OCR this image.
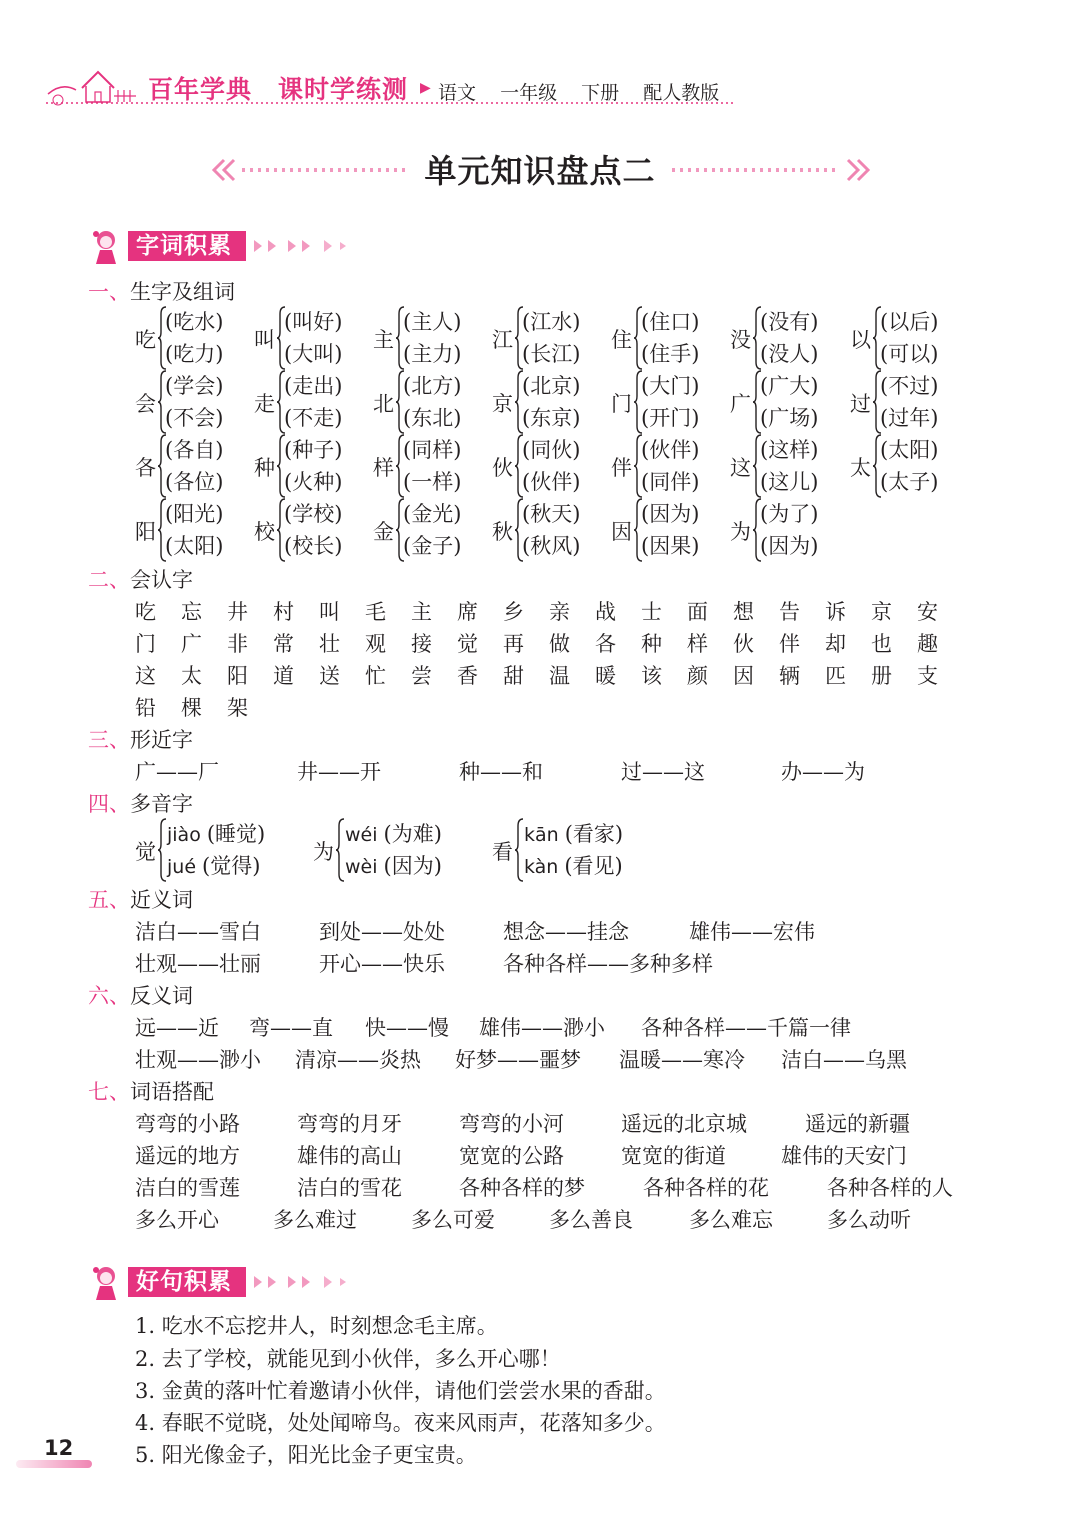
百年学典　课时学练测 ▶ 语文 一年级 下册 配人教版
单元知识盘点二
字词积累
一、生字及组词
吃
(吃水)
(吃力)
叫
(叫好)
(大叫)
主
(主人)
(主力)
江
(江水)
(长江)
住
(住口)
(住手)
没
(没有)
(没人)
以
(以后)
(可以)
会
(学会)
(不会)
走
(走出)
(不走)
北
(北方)
(东北)
京
(北京)
(东京)
门
(大门)
(开门)
广
(广大)
(广场)
过
(不过)
(过年)
各
(各自)
(各位)
种
(种子)
(火种)
样
(同样)
(一样)
伙
(同伙)
(伙伴)
伴
(伙伴)
(同伴)
这
(这样)
(这儿)
太
(太阳)
(太子)
阳
(阳光)
(太阳)
校
(学校)
(校长)
金
(金光)
(金子)
秋
(秋天)
(秋风)
因
(因为)
(因果)
为
(为了)
(因为)
二、会认字
吃	忘	井	村	叫	毛	主	席	乡	亲	战	士	面	想	告	诉	京	安
门	广	非	常	壮	观	接	觉	再	做	各	种	样	伙	伴	却	也	趣
这	太	阳	道	送	忙	尝	香	甜	温	暖	该	颜	因	辆	匹	册	支
铅	棵	架
三、形近字
广——厂	井——开	种——和	过——这	办——为
四、多音字
觉
jiào (睡觉)
jué (觉得)
为
wéi (为难)
wèi (因为)
看
kān (看家)
kàn (看见)
五、近义词
洁白——雪白	到处——处处	想念——挂念	雄伟——宏伟
壮观——壮丽	开心——快乐	各种各样——多种多样
六、反义词
远——近 弯——直 快——慢 雄伟——渺小 各种各样——千篇一律
壮观——渺小 清凉——炎热 好梦——噩梦 温暖——寒冷 洁白——乌黑
七、词语搭配
弯弯的小路	弯弯的月牙	弯弯的小河	遥远的北京城	遥远的新疆
遥远的地方	雄伟的高山	宽宽的公路	宽宽的街道	雄伟的天安门
洁白的雪莲	洁白的雪花	各种各样的梦	各种各样的花	各种各样的人
多么开心	多么难过	多么可爱	多么善良	多么难忘	多么动听
好句积累
1. 吃水不忘挖井人，时刻想念毛主席。
2. 去了学校，就能见到小伙伴，多么开心哪！
3. 金黄的落叶忙着邀请小伙伴，请他们尝尝水果的香甜。
4. 春眠不觉晓，处处闻啼鸟。夜来风雨声，花落知多少。
5. 阳光像金子，阳光比金子更宝贵。
12
